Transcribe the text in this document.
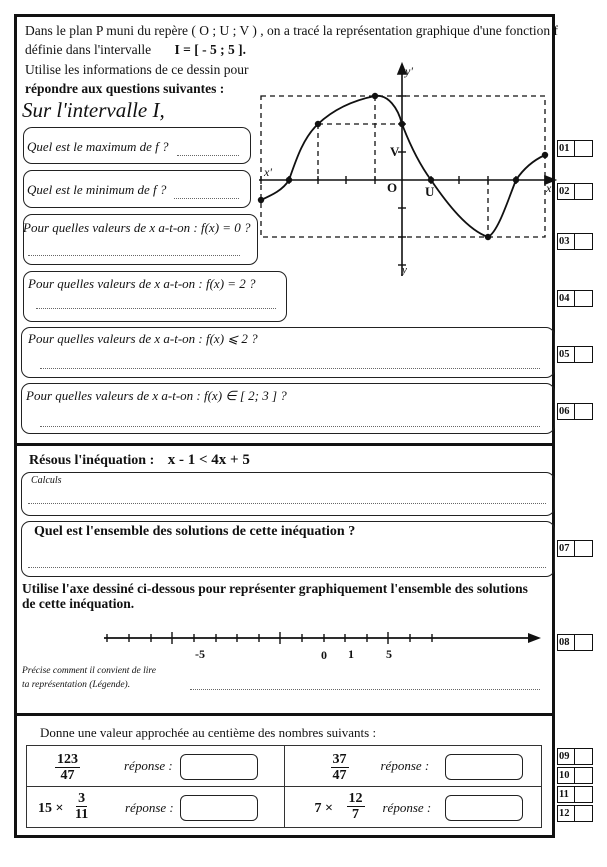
Dans le plan P muni du repère ( O ; U ; V ) , on a tracé la représentation graphique d'une fonction f
définie dans l'intervalle I = [ - 5 ; 5 ].
Utilise les informations de ce dessin pour
répondre aux questions suivantes :
Sur l'intervalle I,
y'
y
x'
x
O U
V
Quel est le maximum de f ?
Quel est le minimum de f ?
Pour quelles valeurs de x a-t-on : f(x) = 0 ?
Pour quelles valeurs de x a-t-on : f(x) = 2 ?
Pour quelles valeurs de x a-t-on : f(x) ⩽ 2 ?
Pour quelles valeurs de x a-t-on : f(x) ∈ [ 2; 3 ] ?
Résous l'inéquation : x - 1 < 4x + 5
Calculs
Quel est l'ensemble des solutions de cette inéquation ?
Utilise l'axe dessiné ci-dessous pour représenter graphiquement l'ensemble des solutions de cette inéquation.
-5	0 1	5
Précise comment il convient de lire
ta représentation (Légende).
Donne une valeur approchée au centième des nombres suivants :
$\frac{123}{47}$ réponse :	$\frac{37}{47}$ réponse :

$15 \times \frac{3}{11}$ réponse :	$7 \times \frac{12}{7}$ réponse :
01
02
03
04
05
06
07
08
09
10
11
12
